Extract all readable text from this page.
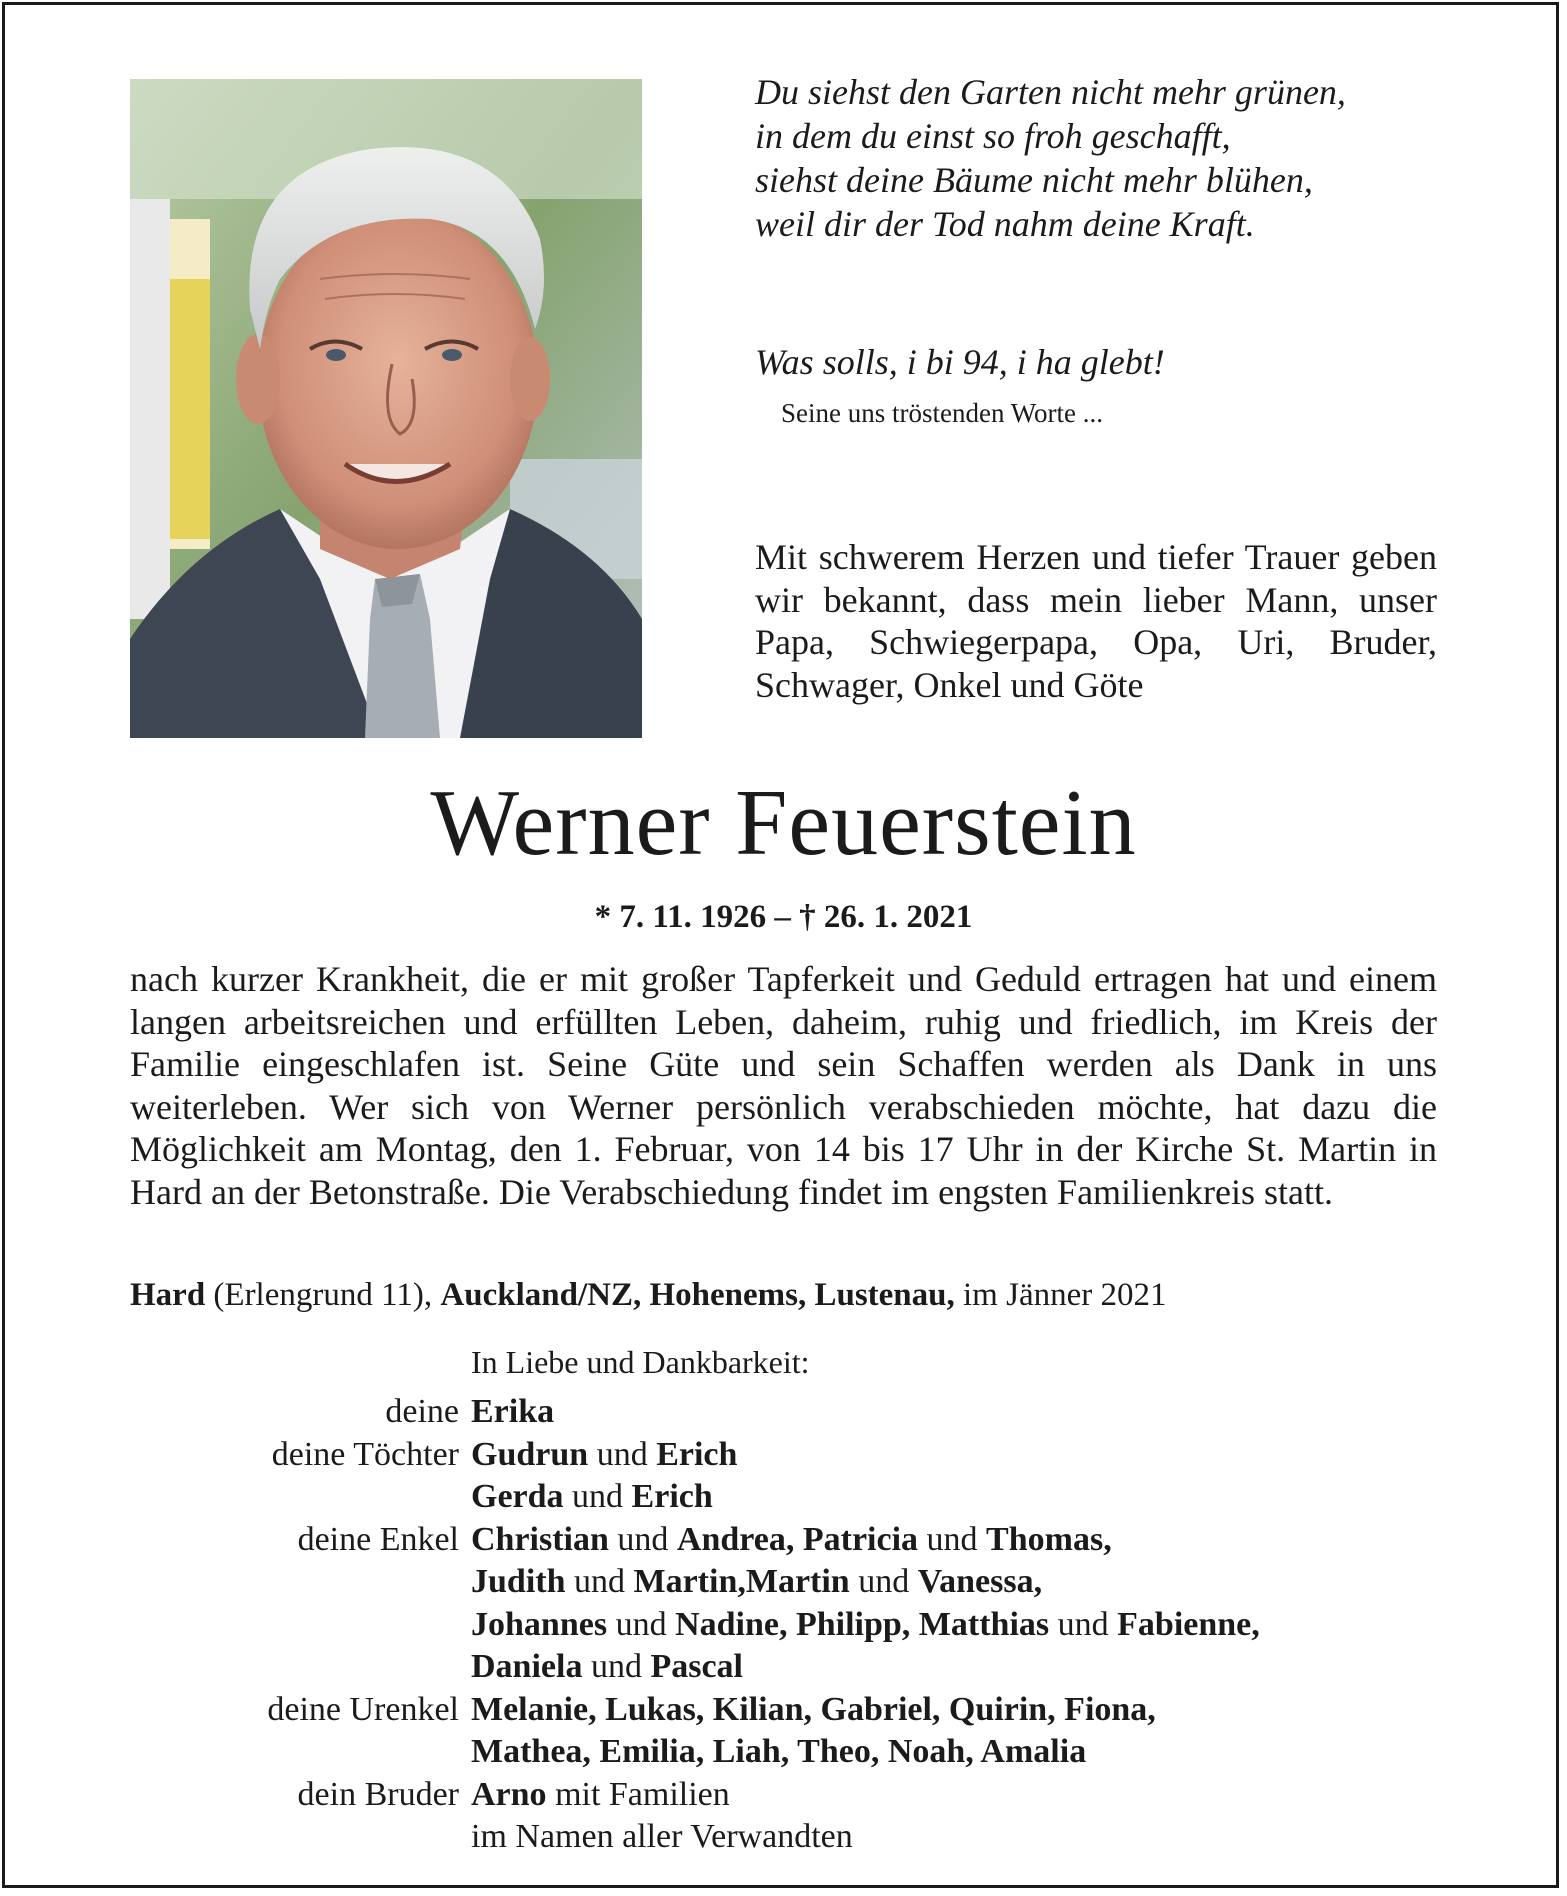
Du siehst den Garten nicht mehr grünen,
in dem du einst so froh geschafft,
siehst deine Bäume nicht mehr blühen,
weil dir der Tod nahm deine Kraft.
Was solls, i bi 94, i ha glebt!
Seine uns tröstenden Worte ...
Mit schwerem Herzen und tiefer Trauer geben wir bekannt, dass mein lieber Mann, unser Papa, Schwiegerpapa, Opa, Uri, Bruder, Schwager, Onkel und Göte
Werner Feuerstein
* 7. 11. 1926 – † 26. 1. 2021
nach kurzer Krankheit, die er mit großer Tapferkeit und Geduld ertragen hat und einem langen arbeitsreichen und erfüllten Leben, daheim, ruhig und friedlich, im Kreis der Familie eingeschlafen ist. Seine Güte und sein Schaffen werden als Dank in uns weiterleben. Wer sich von Werner persönlich verabschieden möchte, hat dazu die Möglichkeit am Montag, den 1. Februar, von 14 bis 17 Uhr in der Kirche St. Martin in Hard an der Betonstraße. Die Verabschiedung findet im engsten Familienkreis statt.
Hard (Erlengrund 11), Auckland/NZ, Hohenems, Lustenau, im Jänner 2021
In Liebe und Dankbarkeit:
deine Erika
deine Töchter Gudrun und Erich
Gerda und Erich
deine Enkel Christian und Andrea, Patricia und Thomas,
Judith und Martin,Martin und Vanessa,
Johannes und Nadine, Philipp, Matthias und Fabienne,
Daniela und Pascal
deine Urenkel Melanie, Lukas, Kilian, Gabriel, Quirin, Fiona,
Mathea, Emilia, Liah, Theo, Noah, Amalia
dein Bruder Arno mit Familien
im Namen aller Verwandten
